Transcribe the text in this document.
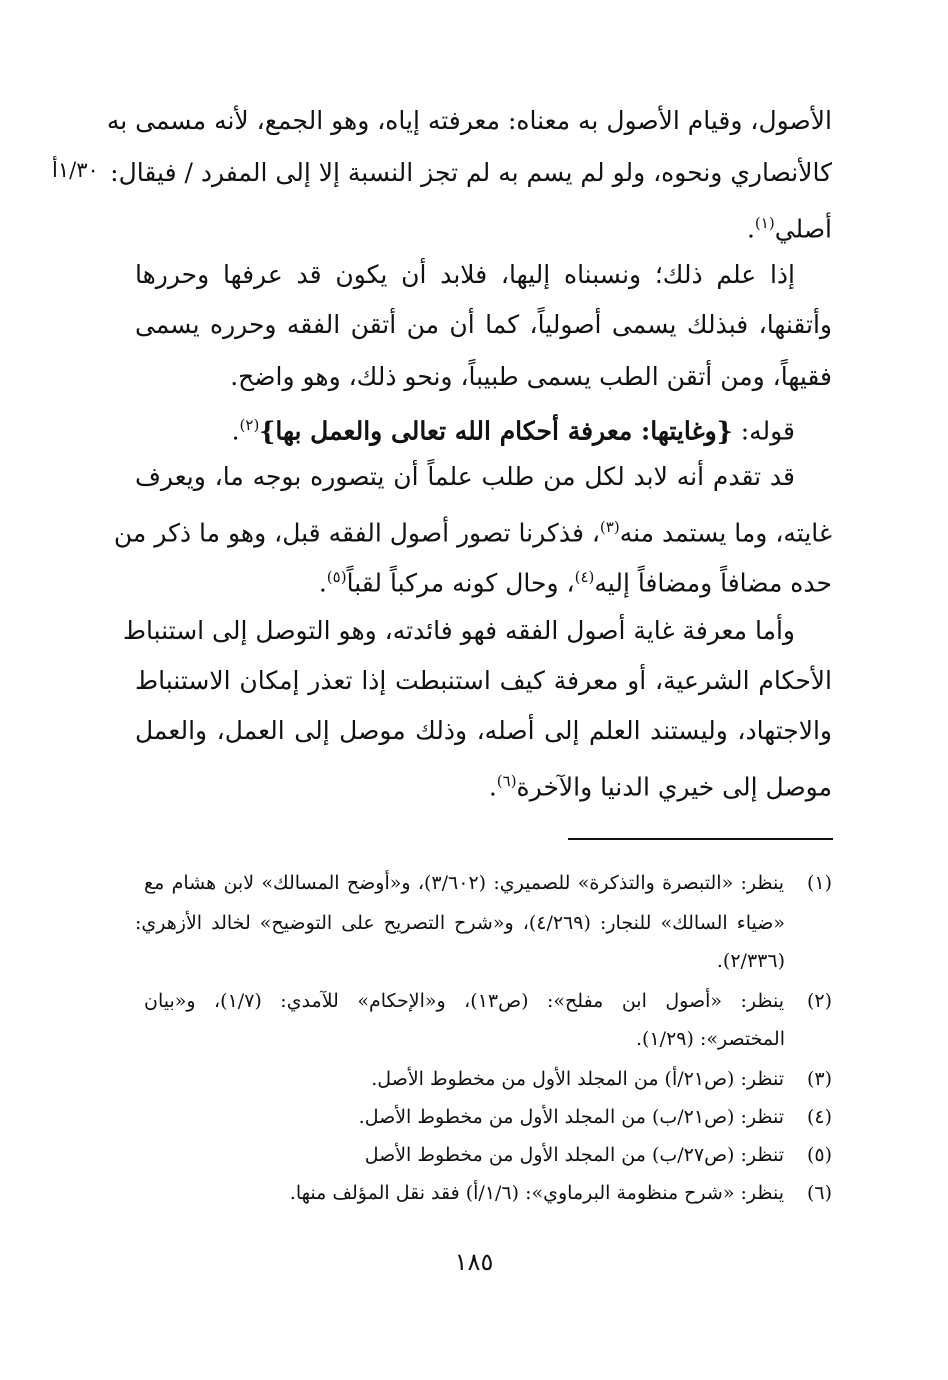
١/٣٠أ
الأصول، وقيام الأصول به معناه: معرفته إياه، وهو الجمع، لأنه مسمى به
كالأنصاري ونحوه، ولو لم يسم به لم تجز النسبة إلا إلى المفرد / فيقال:
أصلي$^{(١)}$.
إذا علم ذلك؛ ونسبناه إليها، فلابد أن يكون قد عرفها وحررها
وأتقنها، فبذلك يسمى أصولياً، كما أن من أتقن الفقه وحرره يسمى
فقيهاً، ومن أتقن الطب يسمى طبيباً، ونحو ذلك، وهو واضح.
قوله: {وغايتها: معرفة أحكام الله تعالى والعمل بها}$^{(٢)}$.
قد تقدم أنه لابد لكل من طلب علماً أن يتصوره بوجه ما، ويعرف
غايته، وما يستمد منه$^{(٣)}$، فذكرنا تصور أصول الفقه قبل، وهو ما ذكر من
حده مضافاً ومضافاً إليه$^{(٤)}$، وحال كونه مركباً لقباً$^{(٥)}$.
وأما معرفة غاية أصول الفقه فهو فائدته، وهو التوصل إلى استنباط
الأحكام الشرعية، أو معرفة كيف استنبطت إذا تعذر إمكان الاستنباط
والاجتهاد، وليستند العلم إلى أصله، وذلك موصل إلى العمل، والعمل
موصل إلى خيري الدنيا والآخرة$^{(٦)}$.
(١)ينظر: «التبصرة والتذكرة» للصميري: (٣/٦٠٢)، و«أوضح المسالك» لابن هشام مع
«ضياء السالك» للنجار: (٤/٢٦٩)، و«شرح التصريح على التوضيح» لخالد الأزهري:
(٢/٣٣٦).
(٢)ينظر: «أصول ابن مفلح»: (ص١٣)، و«الإحكام» للآمدي: (١/٧)، و«بيان
المختصر»: (١/٢٩).
(٣)تنظر: (ص٢١/أ) من المجلد الأول من مخطوط الأصل.
(٤)تنظر: (ص٢١/ب) من المجلد الأول من مخطوط الأصل.
(٥)تنظر: (ص٢٧/ب) من المجلد الأول من مخطوط الأصل
(٦)ينظر: «شرح منظومة البرماوي»: (١/٦/أ) فقد نقل المؤلف منها.
١٨٥
